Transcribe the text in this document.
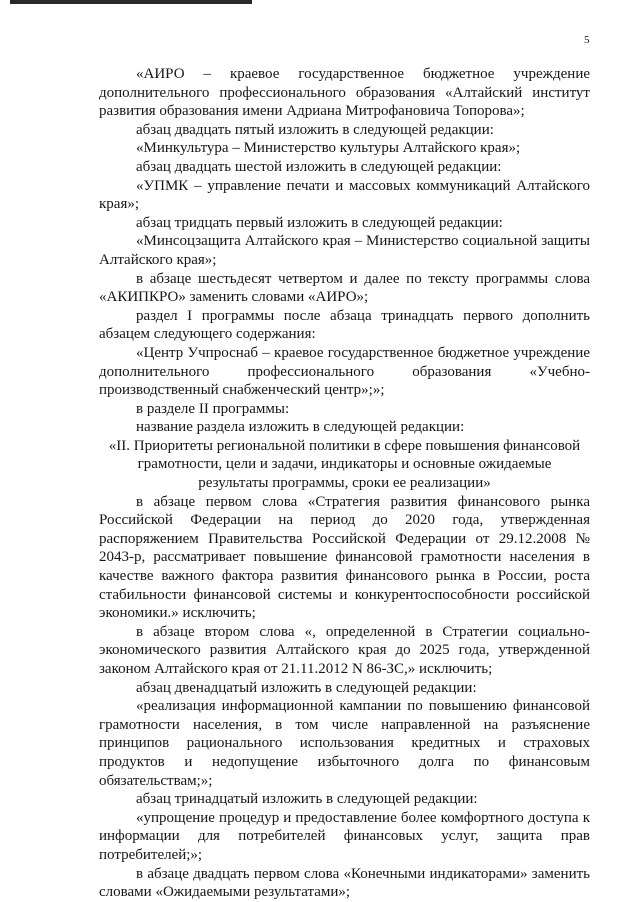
5

«АИРО – краевое государственное бюджетное учреждение дополнительного профессионального образования «Алтайский институт развития образования имени Адриана Митрофановича Топорова»;

абзац двадцать пятый изложить в следующей редакции:

«Минкультура – Министерство культуры Алтайского края»;

абзац двадцать шестой изложить в следующей редакции:

«УПМК – управление печати и массовых коммуникаций Алтайского края»;

абзац тридцать первый изложить в следующей редакции:

«Минсоцзащита Алтайского края – Министерство социальной защиты Алтайского края»;

в абзаце шестьдесят четвертом и далее по тексту программы слова «АКИПКРО» заменить словами «АИРО»;

раздел I программы после абзаца тринадцать первого дополнить абзацем следующего содержания:

«Центр Учпроснаб – краевое государственное бюджетное учреждение дополнительного профессионального образования «Учебно-производственный снабженческий центр»;»;

в разделе II программы:

название раздела изложить в следующей редакции:

«II. Приоритеты региональной политики в сфере повышения финансовой грамотности, цели и задачи, индикаторы и основные ожидаемые результаты программы, сроки ее реализации»

в абзаце первом слова «Стратегия развития финансового рынка Российской Федерации на период до 2020 года, утвержденная распоряжением Правительства Российской Федерации от 29.12.2008 № 2043-р, рассматривает повышение финансовой грамотности населения в качестве важного фактора развития финансового рынка в России, роста стабильности финансовой системы и конкурентоспособности российской экономики.» исключить;

в абзаце втором слова «, определенной в Стратегии социально-экономического развития Алтайского края до 2025 года, утвержденной законом Алтайского края от 21.11.2012 N 86-ЗС,» исключить;

абзац двенадцатый изложить в следующей редакции:

«реализация информационной кампании по повышению финансовой грамотности населения, в том числе направленной на разъяснение принципов рационального использования кредитных и страховых продуктов и недопущение избыточного долга по финансовым обязательствам;»;

абзац тринадцатый изложить в следующей редакции:

«упрощение процедур и предоставление более комфортного доступа к информации для потребителей финансовых услуг, защита прав потребителей;»;

в абзаце двадцать первом слова «Конечными индикаторами» заменить словами «Ожидаемыми результатами»;
